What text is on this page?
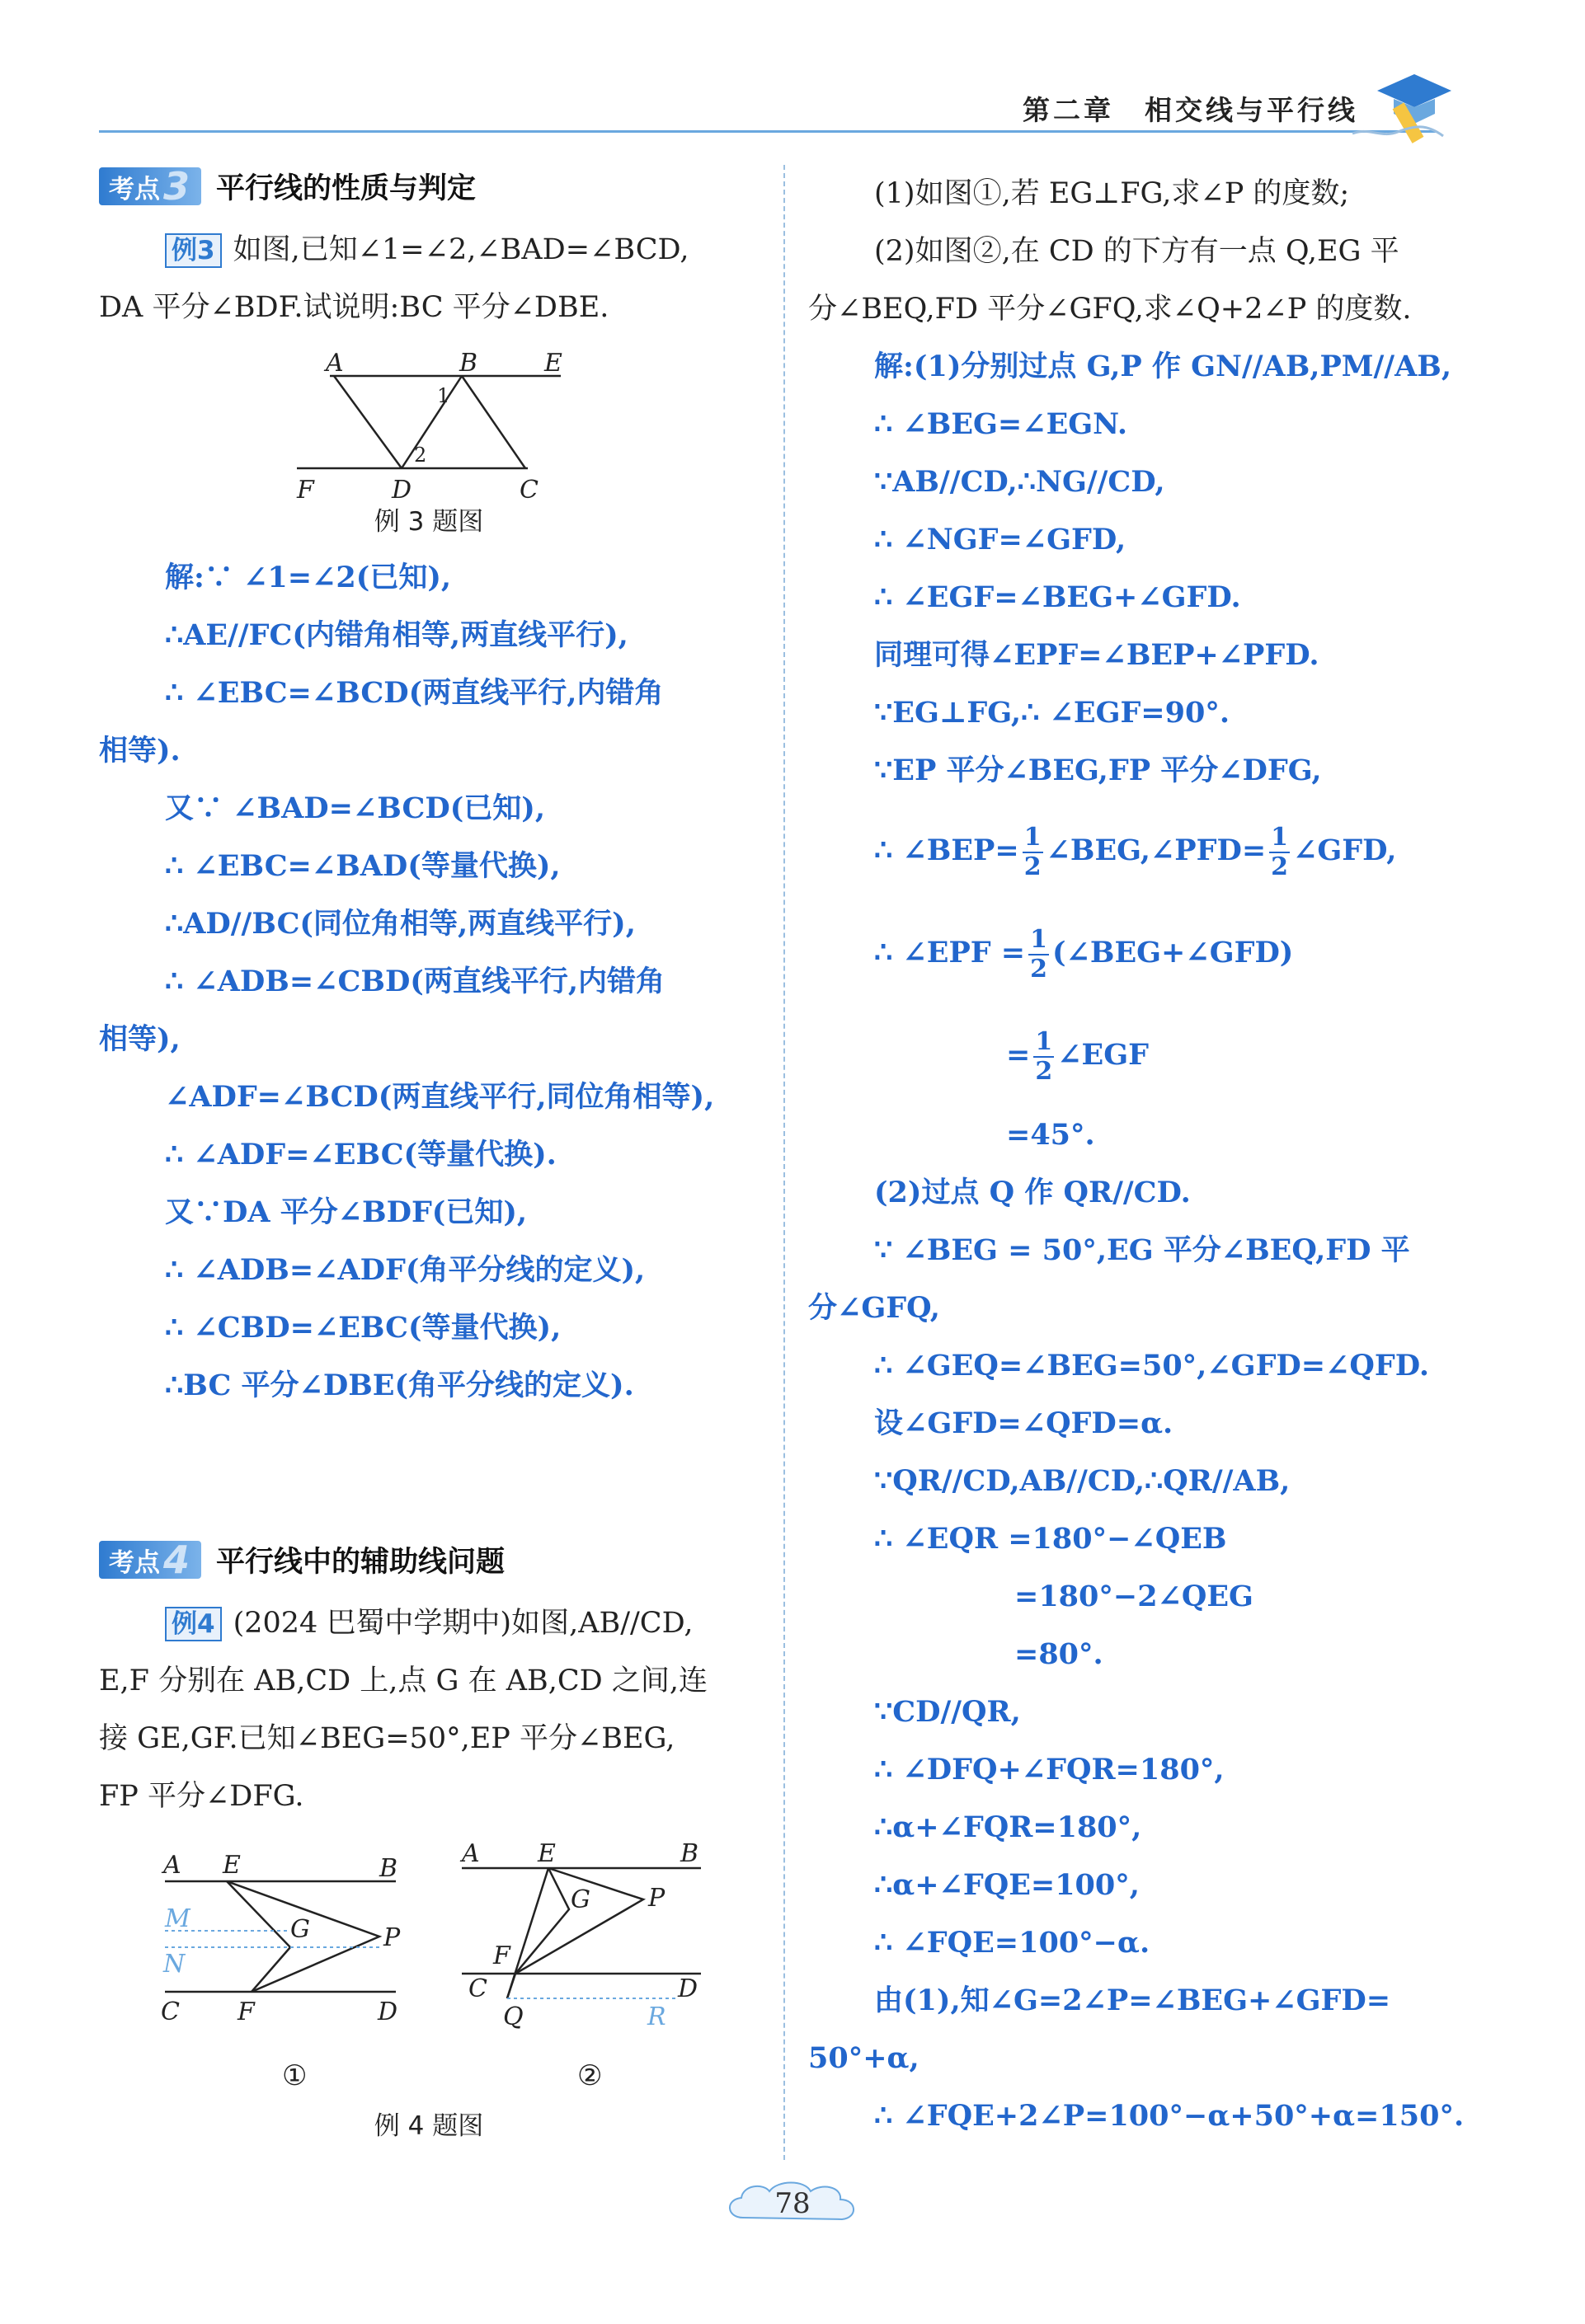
第二章　相交线与平行线
考点 3 平行线的性质与判定

例3 如图,已知∠1=∠2,∠BAD=∠BCD,

DA 平分∠BDF.试说明:BC 平分∠DBE.

A	B	E
F	D	C
1
2
例 3 题图

解:∵ ∠1=∠2(已知),

∴AE//FC(内错角相等,两直线平行),

∴ ∠EBC=∠BCD(两直线平行,内错角

相等).

又∵ ∠BAD=∠BCD(已知),

∴ ∠EBC=∠BAD(等量代换),

∴AD//BC(同位角相等,两直线平行),

∴ ∠ADB=∠CBD(两直线平行,内错角

相等),

∠ADF=∠BCD(两直线平行,同位角相等),

∴ ∠ADF=∠EBC(等量代换).

又∵DA 平分∠BDF(已知),

∴ ∠ADB=∠ADF(角平分线的定义),

∴ ∠CBD=∠EBC(等量代换),

∴BC 平分∠DBE(角平分线的定义).

考点 4 平行线中的辅助线问题

例4 (2024 巴蜀中学期中)如图,AB//CD,

E,F 分别在 AB,CD 上,点 G 在 AB,CD 之间,连

接 GE,GF.已知∠BEG=50°,EP 平分∠BEG,

FP 平分∠DFG.

A E	B
G	P
C F	D
M
N
①
A E	B
G P
F
C	D
Q	R
②
例 4 题图

(1)如图①,若 EG⊥FG,求∠P 的度数;

(2)如图②,在 CD 的下方有一点 Q,EG 平

分∠BEQ,FD 平分∠GFQ,求∠Q+2∠P 的度数.

解:(1)分别过点 G,P 作 GN//AB,PM//AB,

∴ ∠BEG=∠EGN.

∵AB//CD,∴NG//CD,

∴ ∠NGF=∠GFD,

∴ ∠EGF=∠BEG+∠GFD.

同理可得∠EPF=∠BEP+∠PFD.

∵EG⊥FG,∴ ∠EGF=90°.

∵EP 平分∠BEG,FP 平分∠DFG,

∴ ∠BEP= $\frac{1}{2}$ ∠BEG,∠PFD= $\frac{1}{2}$ ∠GFD,

∴ ∠EPF = $\frac{1}{2}$ (∠BEG+∠GFD)

= $\frac{1}{2}$ ∠EGF

=45°.

(2)过点 Q 作 QR//CD.

∵ ∠BEG = 50°,EG 平分∠BEQ,FD 平

分∠GFQ,

∴ ∠GEQ=∠BEG=50°,∠GFD=∠QFD.

设∠GFD=∠QFD=α.

∵QR//CD,AB//CD,∴QR//AB,

∴ ∠EQR =180°−∠QEB

=180°−2∠QEG

=80°.

∵CD//QR,

∴ ∠DFQ+∠FQR=180°,

∴α+∠FQR=180°,

∴α+∠FQE=100°,

∴ ∠FQE=100°−α.

由(1),知∠G=2∠P=∠BEG+∠GFD=

50°+α,

∴ ∠FQE+2∠P=100°−α+50°+α=150°.

78
